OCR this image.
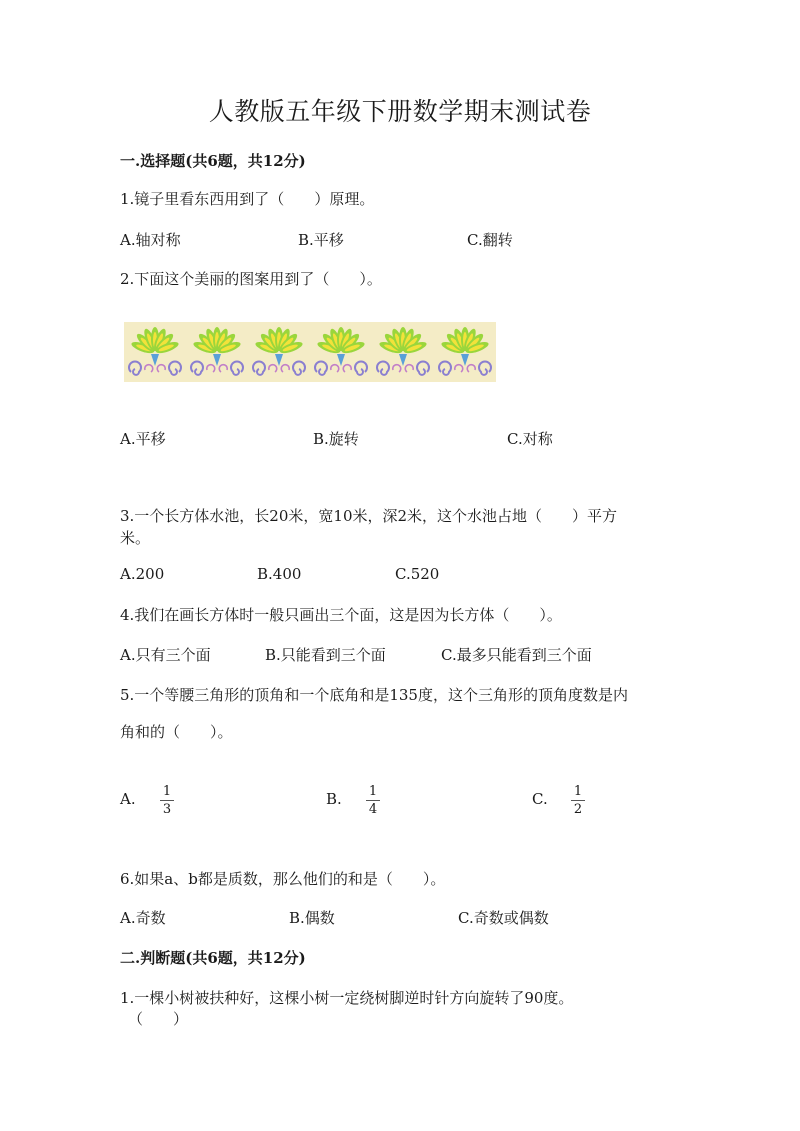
人教版五年级下册数学期末测试卷
一.选择题(共6题，共12分)
1.镜子里看东西用到了（　　）原理。
A.轴对称	B.平移	C.翻转
2.下面这个美丽的图案用到了（　　）。
A.平移	B.旋转	C.对称
3.一个长方体水池，长20米，宽10米，深2米，这个水池占地（　　）平方
米。
A.200	B.400	C.520
4.我们在画长方体时一般只画出三个面，这是因为长方体（　　）。
A.只有三个面	B.只能看到三个面	C.最多只能看到三个面
5.一个等腰三角形的顶角和一个底角和是135度，这个三角形的顶角度数是内
角和的（　　）。
A. 1
3
B. 1
4
C. 1
2
6.如果a、b都是质数，那么他们的和是（　　）。
A.奇数	B.偶数	C.奇数或偶数
二.判断题(共6题，共12分)
1.一棵小树被扶种好，这棵小树一定绕树脚逆时针方向旋转了90度。
（　　）
